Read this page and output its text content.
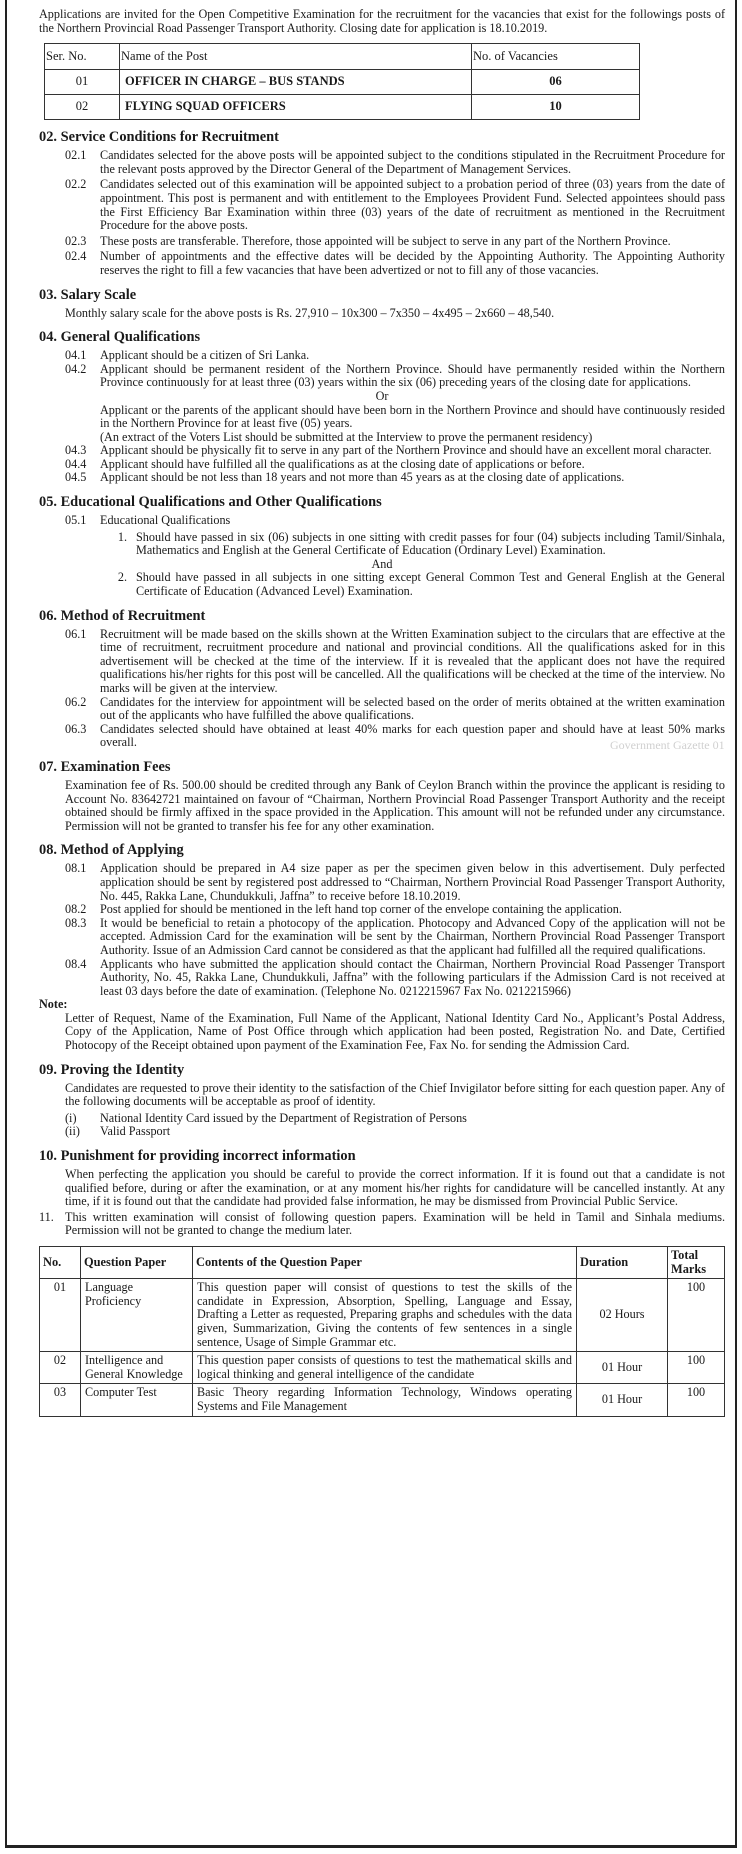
Government Gazette 01

Applications are invited for the Open Competitive Examination for the recruitment for the vacancies that exist for the followings posts of the Northern Provincial Road Passenger Transport Authority. Closing date for application is 18.10.2019.

Ser. No.	Name of the Post	No. of Vacancies
01	OFFICER IN CHARGE – BUS STANDS	06
02	FLYING SQUAD OFFICERS	10
02. Service Conditions for Recruitment
02.1	Candidates selected for the above posts will be appointed subject to the conditions stipulated in the Recruitment Procedure for the relevant posts approved by the Director General of the Department of Management Services.
02.2	Candidates selected out of this examination will be appointed subject to a probation period of three (03) years from the date of appointment. This post is permanent and with entitlement to the Employees Provident Fund. Selected appointees should pass the First Efficiency Bar Examination within three (03) years of the date of recruitment as mentioned in the Recruitment Procedure for the above posts.
02.3	These posts are transferable. Therefore, those appointed will be subject to serve in any part of the Northern Province.
02.4	Number of appointments and the effective dates will be decided by the Appointing Authority. The Appointing Authority reserves the right to fill a few vacancies that have been advertized or not to fill any of those vacancies.
03. Salary Scale

Monthly salary scale for the above posts is Rs. 27,910 – 10x300 – 7x350 – 4x495 – 2x660 – 48,540.

04. General Qualifications
04.1	Applicant should be a citizen of Sri Lanka.
04.2	Applicant should be permanent resident of the Northern Province. Should have permanently resided within the Northern Province continuously for at least three (03) years within the six (06) preceding years of the closing date for applications.

Or

Applicant or the parents of the applicant should have been born in the Northern Province and should have continuously resided in the Northern Province for at least five (05) years.

(An extract of the Voters List should be submitted at the Interview to prove the permanent residency)

04.3	Applicant should be physically fit to serve in any part of the Northern Province and should have an excellent moral character.
04.4	Applicant should have fulfilled all the qualifications as at the closing date of applications or before.
04.5	Applicant should be not less than 18 years and not more than 45 years as at the closing date of applications.
05. Educational Qualifications and Other Qualifications
05.1	Educational Qualifications
1. Should have passed in six (06) subjects in one sitting with credit passes for four (04) subjects including Tamil/Sinhala, Mathematics and English at the General Certificate of Education (Ordinary Level) Examination.

And

2. Should have passed in all subjects in one sitting except General Common Test and General English at the General Certificate of Education (Advanced Level) Examination.
06. Method of Recruitment
06.1	Recruitment will be made based on the skills shown at the Written Examination subject to the circulars that are effective at the time of recruitment, recruitment procedure and national and provincial conditions. All the qualifications asked for in this advertisement will be checked at the time of the interview. If it is revealed that the applicant does not have the required qualifications his/her rights for this post will be cancelled. All the qualifications will be checked at the time of the interview. No marks will be given at the interview.
06.2	Candidates for the interview for appointment will be selected based on the order of merits obtained at the written examination out of the applicants who have fulfilled the above qualifications.
06.3	Candidates selected should have obtained at least 40% marks for each question paper and should have at least 50% marks overall.
07. Examination Fees

Examination fee of Rs. 500.00 should be credited through any Bank of Ceylon Branch within the province the applicant is residing to Account No. 83642721 maintained on favour of “Chairman, Northern Provincial Road Passenger Transport Authority and the receipt obtained should be firmly affixed in the space provided in the Application. This amount will not be refunded under any circumstance. Permission will not be granted to transfer his fee for any other examination.

08. Method of Applying
08.1	Application should be prepared in A4 size paper as per the specimen given below in this advertisement. Duly perfected application should be sent by registered post addressed to “Chairman, Northern Provincial Road Passenger Transport Authority, No. 445, Rakka Lane, Chundukkuli, Jaffna” to receive before 18.10.2019.
08.2	Post applied for should be mentioned in the left hand top corner of the envelope containing the application.
08.3	It would be beneficial to retain a photocopy of the application. Photocopy and Advanced Copy of the application will not be accepted. Admission Card for the examination will be sent by the Chairman, Northern Provincial Road Passenger Transport Authority. Issue of an Admission Card cannot be considered as that the applicant had fulfilled all the required qualifications.
08.4	Applicants who have submitted the application should contact the Chairman, Northern Provincial Road Passenger Transport Authority, No. 45, Rakka Lane, Chundukkuli, Jaffna” with the following particulars if the Admission Card is not received at least 03 days before the date of examination. (Telephone No. 0212215967 Fax No. 0212215966)

Note:

Letter of Request, Name of the Examination, Full Name of the Applicant, National Identity Card No., Applicant’s Postal Address, Copy of the Application, Name of Post Office through which application had been posted, Registration No. and Date, Certified Photocopy of the Receipt obtained upon payment of the Examination Fee, Fax No. for sending the Admission Card.

09. Proving the Identity

Candidates are requested to prove their identity to the satisfaction of the Chief Invigilator before sitting for each question paper. Any of the following documents will be acceptable as proof of identity.

(i)	National Identity Card issued by the Department of Registration of Persons
(ii)	Valid Passport
10. Punishment for providing incorrect information

When perfecting the application you should be careful to provide the correct information. If it is found out that a candidate is not qualified before, during or after the examination, or at any moment his/her rights for candidature will be cancelled instantly. At any time, if it is found out that the candidate had provided false information, he may be dismissed from Provincial Public Service.

11. This written examination will consist of following question papers. Examination will be held in Tamil and Sinhala mediums. Permission will not be granted to change the medium later.
No.	Question Paper	Contents of the Question Paper	Duration	Total Marks
01	Language Proficiency	This question paper will consist of questions to test the skills of the candidate in Expression, Absorption, Spelling, Language and Essay, Drafting a Letter as requested, Preparing graphs and schedules with the data given, Summarization, Giving the contents of few sentences in a single sentence, Usage of Simple Grammar etc.	02 Hours	100
02	Intelligence and General Knowledge	This question paper consists of questions to test the mathematical skills and logical thinking and general intelligence of the candidate	01 Hour	100
03	Computer Test	Basic Theory regarding Information Technology, Windows operating Systems and File Management	01 Hour	100
